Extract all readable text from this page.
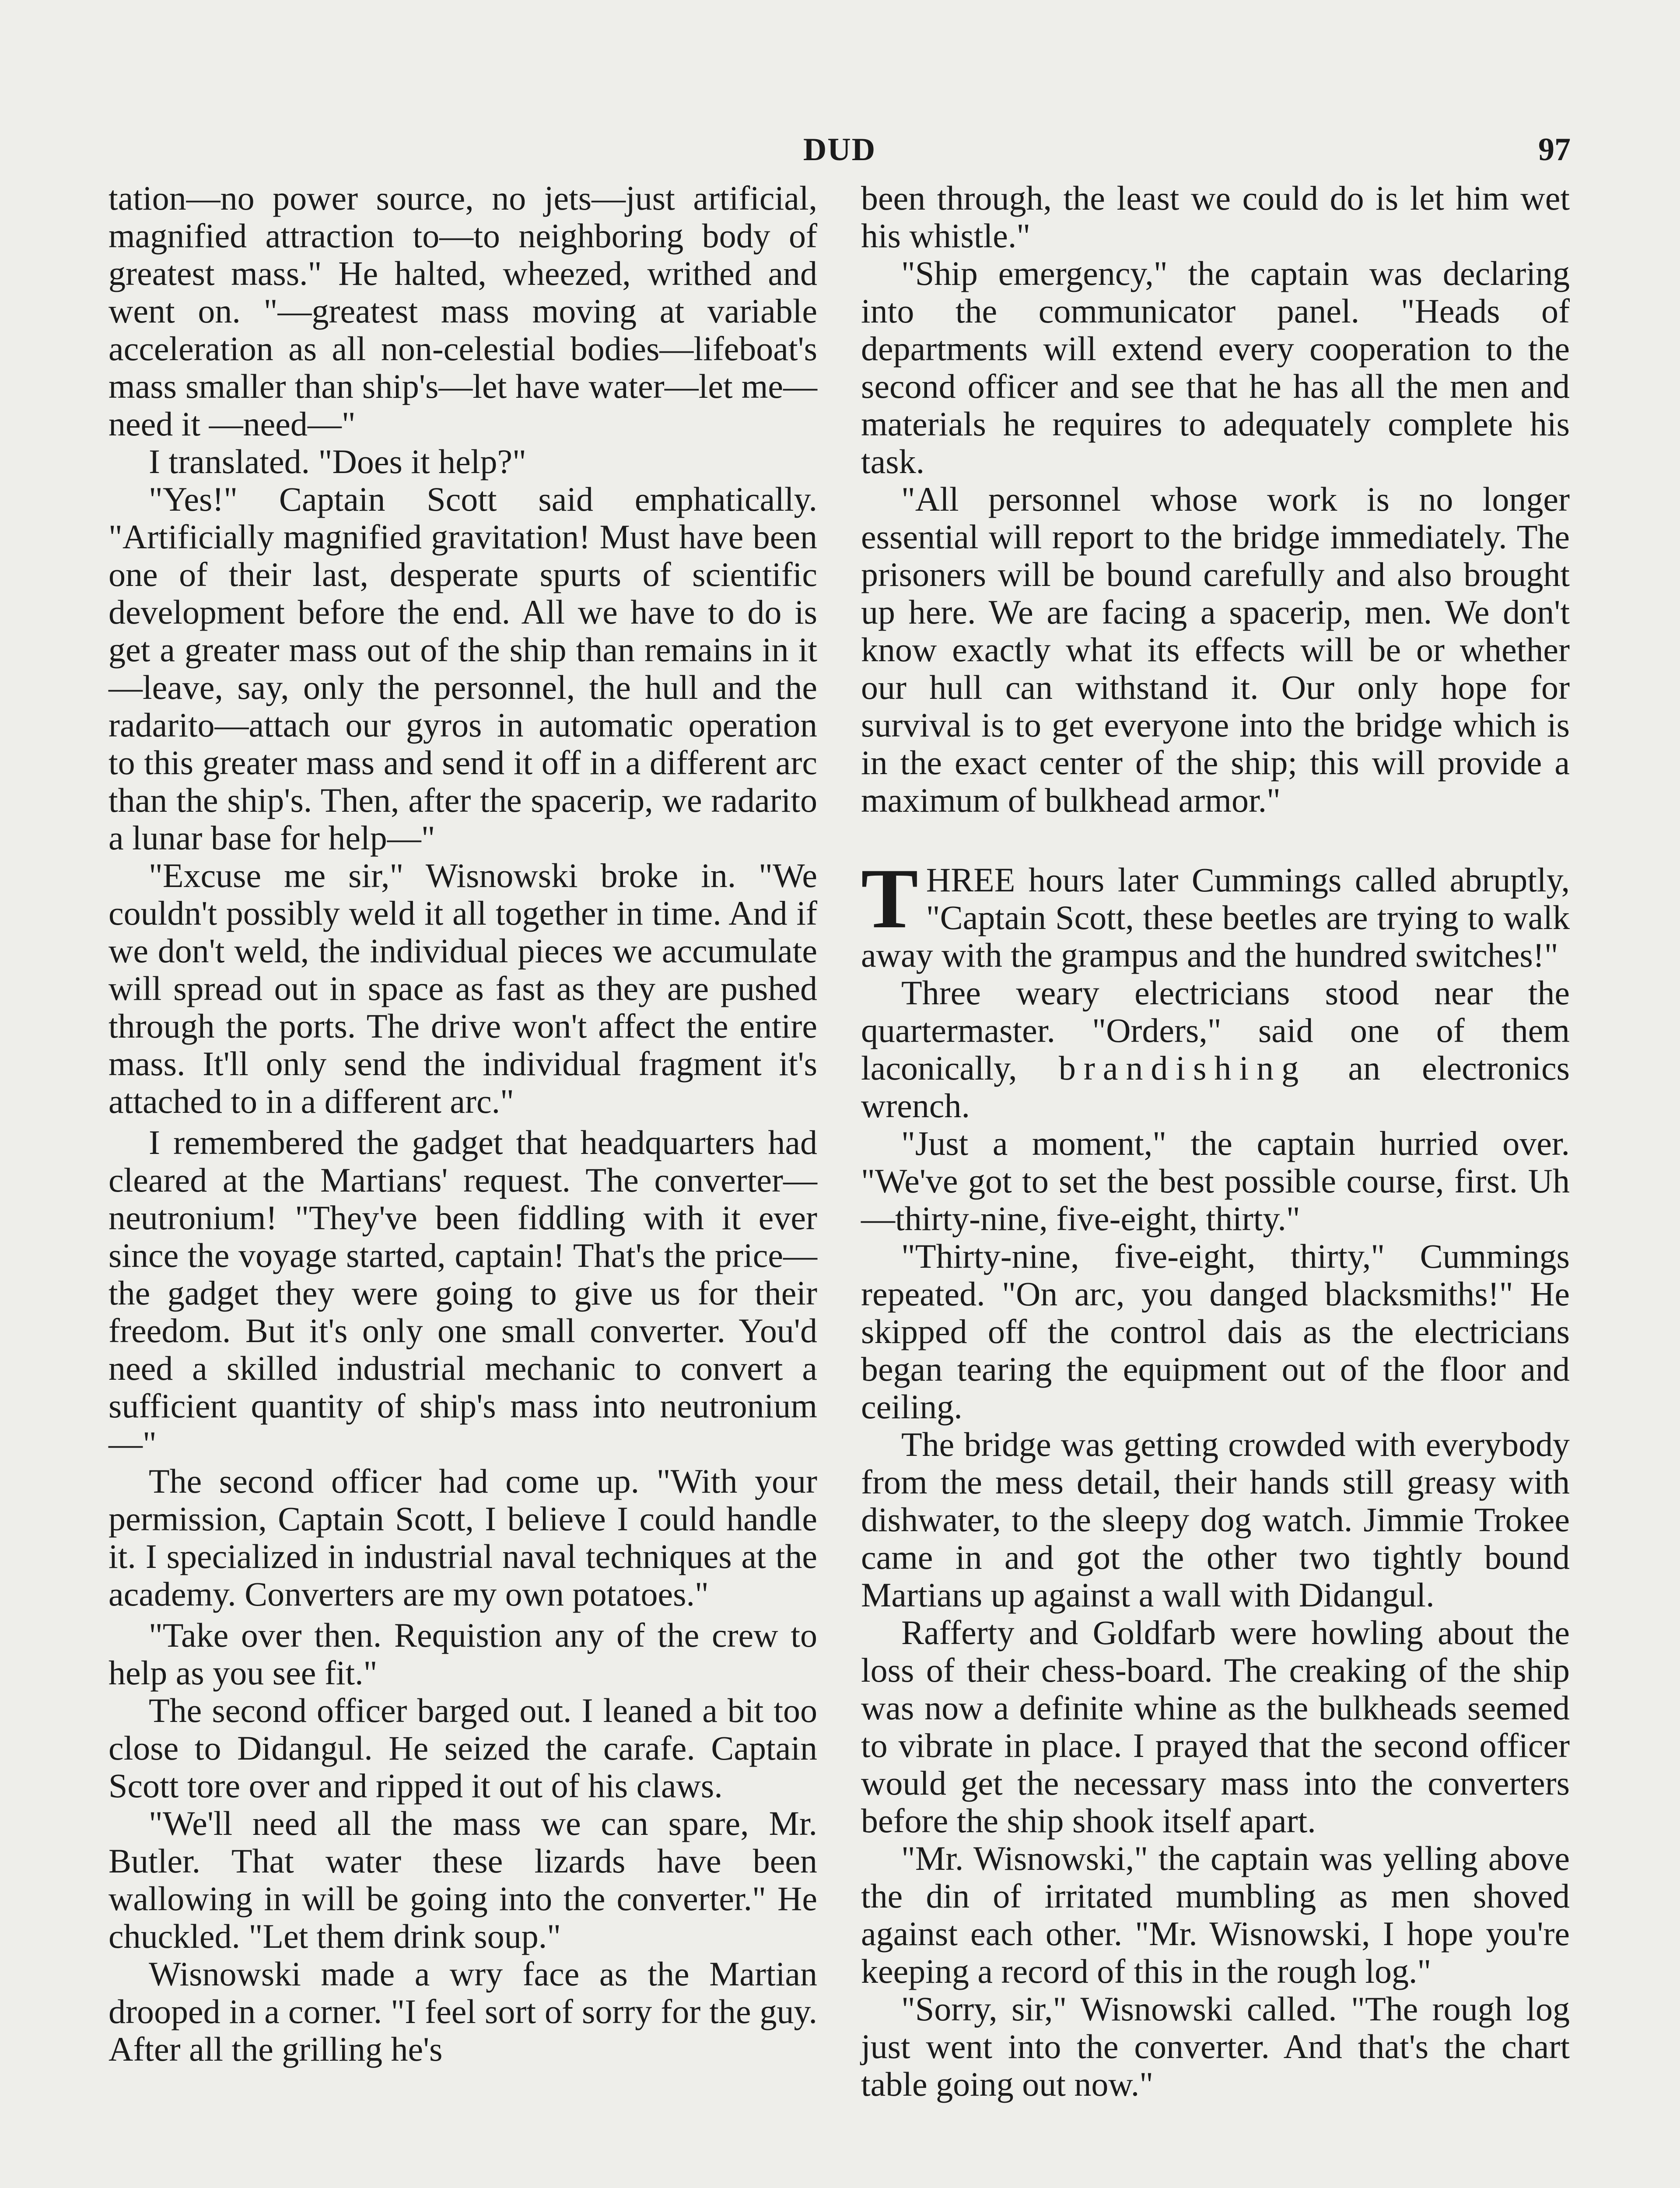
DUD	97

tation—no power source, no jets—just artificial, magnified attraction to—to neighboring body of greatest mass." He halted, wheezed, writhed and went on. "—greatest mass moving at variable acceleration as all non-celestial bodies—lifeboat's mass smaller than ship's—let have water—let me—need it —need—"

I translated. "Does it help?"

"Yes!" Captain Scott said emphatically. "Artificially magnified gravitation! Must have been one of their last, desperate spurts of scientific development before the end. All we have to do is get a greater mass out of the ship than remains in it—leave, say, only the personnel, the hull and the radarito—attach our gyros in automatic operation to this greater mass and send it off in a different arc than the ship's. Then, after the spacerip, we radarito a lunar base for help—"

"Excuse me sir," Wisnowski broke in. "We couldn't possibly weld it all together in time. And if we don't weld, the individual pieces we accumulate will spread out in space as fast as they are pushed through the ports. The drive won't affect the entire mass. It'll only send the individual fragment it's attached to in a different arc."

I remembered the gadget that headquarters had cleared at the Martians' request. The converter—neutronium! "They've been fiddling with it ever since the voyage started, captain! That's the price—the gadget they were going to give us for their freedom. But it's only one small converter. You'd need a skilled industrial mechanic to convert a sufficient quantity of ship's mass into neutronium—"

The second officer had come up. "With your permission, Captain Scott, I believe I could handle it. I specialized in industrial naval techniques at the academy. Converters are my own potatoes."

"Take over then. Requistion any of the crew to help as you see fit."

The second officer barged out. I leaned a bit too close to Didangul. He seized the carafe. Captain Scott tore over and ripped it out of his claws.

"We'll need all the mass we can spare, Mr. Butler. That water these lizards have been wallowing in will be going into the converter." He chuckled. "Let them drink soup."

Wisnowski made a wry face as the Martian drooped in a corner. "I feel sort of sorry for the guy. After all the grilling he's

been through, the least we could do is let him wet his whistle."

"Ship emergency," the captain was declaring into the communicator panel. "Heads of departments will extend every cooperation to the second officer and see that he has all the men and materials he requires to adequately complete his task.

"All personnel whose work is no longer essential will report to the bridge immediately. The prisoners will be bound carefully and also brought up here. We are facing a spacerip, men. We don't know exactly what its effects will be or whether our hull can withstand it. Our only hope for survival is to get everyone into the bridge which is in the exact center of the ship; this will provide a maximum of bulkhead armor."

THREE hours later Cummings called abruptly, "Captain Scott, these beetles are trying to walk away with the grampus and the hundred switches!"

Three weary electricians stood near the quartermaster. "Orders," said one of them laconically, brandishing an electronics wrench.

"Just a moment," the captain hurried over. "We've got to set the best possible course, first. Uh—thirty-nine, five-eight, thirty."

"Thirty-nine, five-eight, thirty," Cummings repeated. "On arc, you danged blacksmiths!" He skipped off the control dais as the electricians began tearing the equipment out of the floor and ceiling.

The bridge was getting crowded with everybody from the mess detail, their hands still greasy with dishwater, to the sleepy dog watch. Jimmie Trokee came in and got the other two tightly bound Martians up against a wall with Didangul.

Rafferty and Goldfarb were howling about the loss of their chess-board. The creaking of the ship was now a definite whine as the bulkheads seemed to vibrate in place. I prayed that the second officer would get the necessary mass into the converters before the ship shook itself apart.

"Mr. Wisnowski," the captain was yelling above the din of irritated mumbling as men shoved against each other. "Mr. Wisnowski, I hope you're keeping a record of this in the rough log."

"Sorry, sir," Wisnowski called. "The rough log just went into the converter. And that's the chart table going out now."
